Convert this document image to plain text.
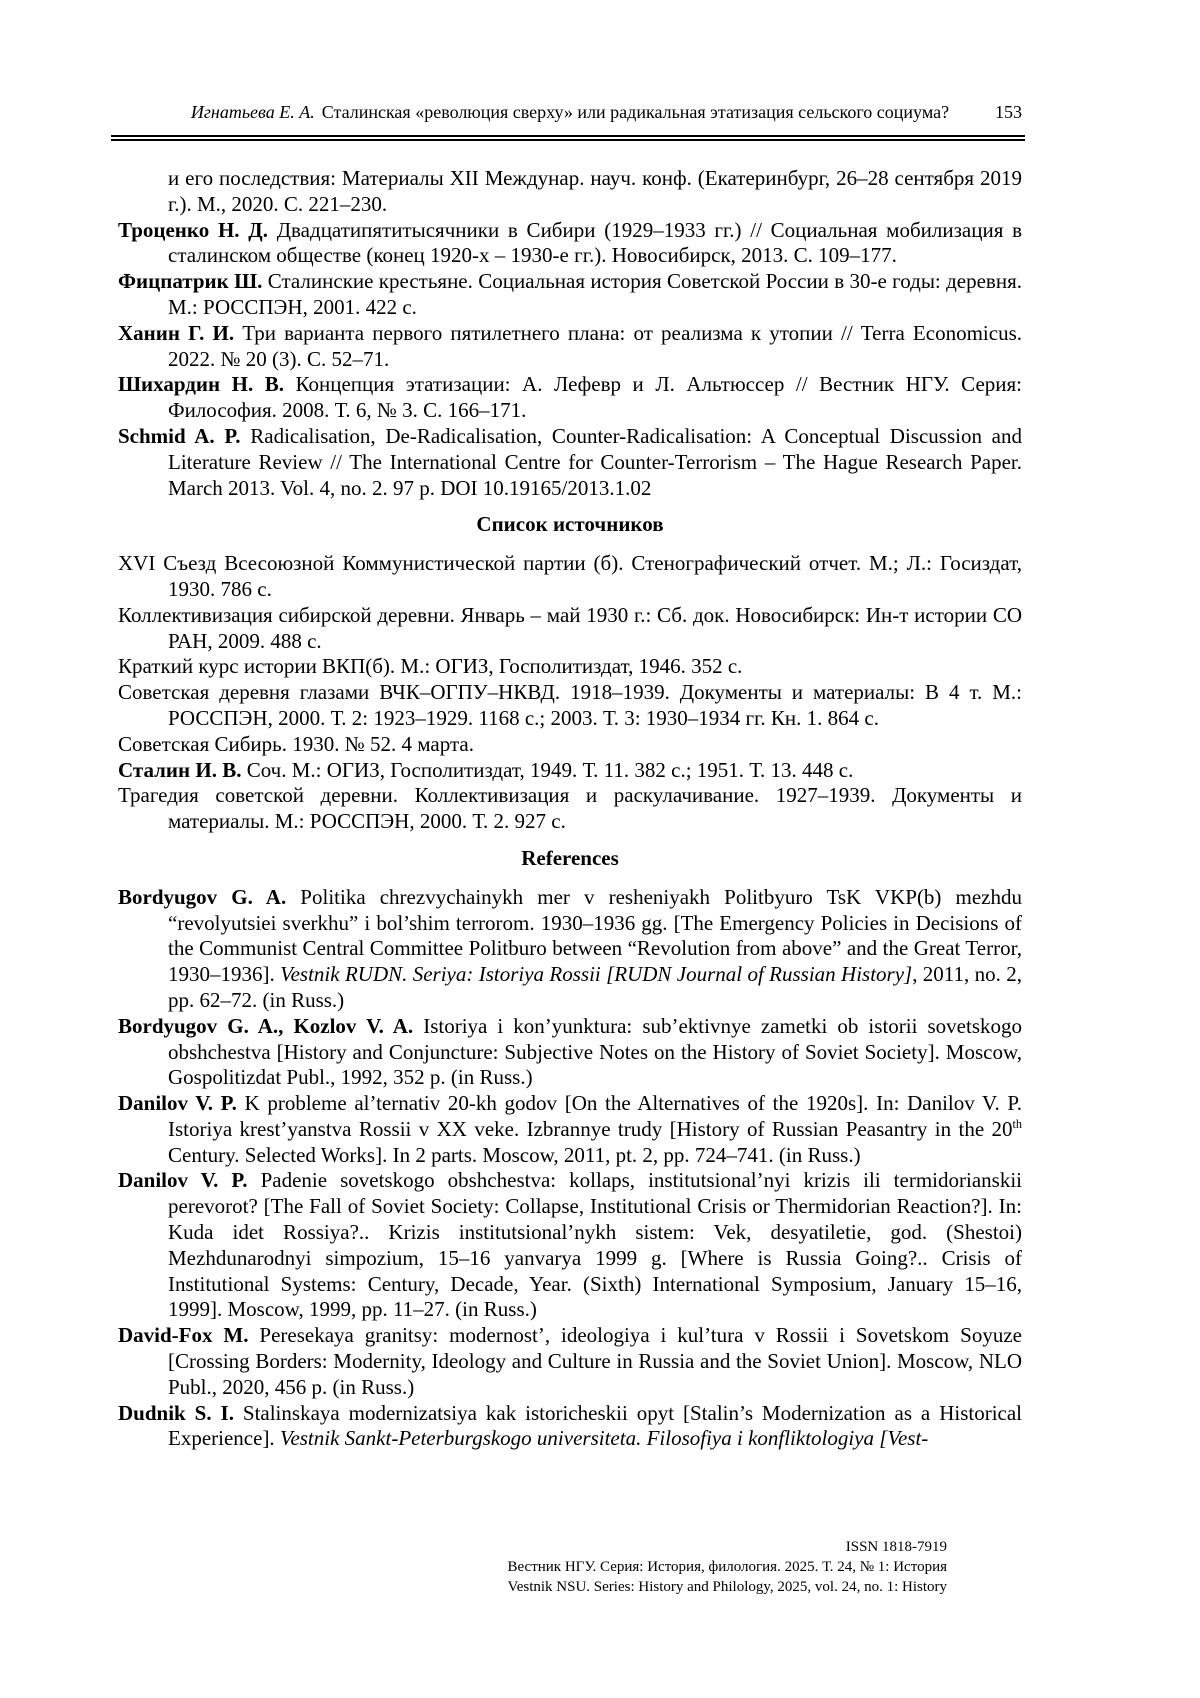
Игнатьева Е. А. Сталинская «революция сверху» или радикальная этатизация сельского социума?	153

и его последствия: Материалы XII Междунар. науч. конф. (Екатеринбург, 26–28 сентября 2019 г.). М., 2020. С. 221–230.

Троценко Н. Д. Двадцатипятитысячники в Сибири (1929–1933 гг.) // Социальная мобилизация в сталинском обществе (конец 1920-х – 1930-е гг.). Новосибирск, 2013. С. 109–177.

Фицпатрик Ш. Сталинские крестьяне. Социальная история Советской России в 30-е годы: деревня. М.: РОССПЭН, 2001. 422 с.

Ханин Г. И. Три варианта первого пятилетнего плана: от реализма к утопии // Terra Economicus. 2022. № 20 (3). С. 52–71.

Шихардин Н. В. Концепция этатизации: А. Лефевр и Л. Альтюссер // Вестник НГУ. Серия: Философия. 2008. Т. 6, № 3. С. 166–171.

Schmid A. P. Radicalisation, De-Radicalisation, Counter-Radicalisation: A Conceptual Discussion and Literature Review // The International Centre for Counter-Terrorism – The Hague Research Paper. March 2013. Vol. 4, no. 2. 97 p. DOI 10.19165/2013.1.02

Список источников

XVI Съезд Всесоюзной Коммунистической партии (б). Стенографический отчет. М.; Л.: Госиздат, 1930. 786 с.

Коллективизация сибирской деревни. Январь – май 1930 г.: Сб. док. Новосибирск: Ин-т истории СО РАН, 2009. 488 с.

Краткий курс истории ВКП(б). М.: ОГИЗ, Госполитиздат, 1946. 352 с.

Советская деревня глазами ВЧК–ОГПУ–НКВД. 1918–1939. Документы и материалы: В 4 т. М.: РОССПЭН, 2000. Т. 2: 1923–1929. 1168 с.; 2003. Т. 3: 1930–1934 гг. Кн. 1. 864 с.

Советская Сибирь. 1930. № 52. 4 марта.

Сталин И. В. Соч. М.: ОГИЗ, Госполитиздат, 1949. Т. 11. 382 с.; 1951. Т. 13. 448 с.

Трагедия советской деревни. Коллективизация и раскулачивание. 1927–1939. Документы и материалы. М.: РОССПЭН, 2000. Т. 2. 927 с.

References

Bordyugov G. A. Politika chrezvychainykh mer v resheniyakh Politbyuro TsK VKP(b) mezhdu “revolyutsiei sverkhu” i bol’shim terrorom. 1930–1936 gg. [The Emergency Policies in Decisions of the Communist Central Committee Politburo between “Revolution from above” and the Great Terror, 1930–1936]. Vestnik RUDN. Seriya: Istoriya Rossii [RUDN Journal of Russian History], 2011, no. 2, pp. 62–72. (in Russ.)

Bordyugov G. A., Kozlov V. A. Istoriya i kon’yunktura: sub’ektivnye zametki ob istorii sovetskogo obshchestva [History and Conjuncture: Subjective Notes on the History of Soviet Society]. Moscow, Gospolitizdat Publ., 1992, 352 p. (in Russ.)

Danilov V. P. K probleme al’ternativ 20-kh godov [On the Alternatives of the 1920s]. In: Danilov V. P. Istoriya krest’yanstva Rossii v XX veke. Izbrannye trudy [History of Russian Peasantry in the 20th Century. Selected Works]. In 2 parts. Moscow, 2011, pt. 2, pp. 724–741. (in Russ.)

Danilov V. P. Padenie sovetskogo obshchestva: kollaps, institutsional’nyi krizis ili termidorianskii perevorot? [The Fall of Soviet Society: Collapse, Institutional Crisis or Thermidorian Reaction?]. In: Kuda idet Rossiya?.. Krizis institutsional’nykh sistem: Vek, desyatiletie, god. (Shestoi) Mezhdunarodnyi simpozium, 15–16 yanvarya 1999 g. [Where is Russia Going?.. Crisis of Institutional Systems: Century, Decade, Year. (Sixth) International Symposium, January 15–16, 1999]. Moscow, 1999, pp. 11–27. (in Russ.)

David-Fox M. Peresekaya granitsy: modernost’, ideologiya i kul’tura v Rossii i Sovetskom Soyuze [Crossing Borders: Modernity, Ideology and Culture in Russia and the Soviet Union]. Moscow, NLO Publ., 2020, 456 p. (in Russ.)

Dudnik S. I. Stalinskaya modernizatsiya kak istoricheskii opyt [Stalin’s Modernization as a Historical Experience]. Vestnik Sankt-Peterburgskogo universiteta. Filosofiya i konfliktologiya [Vest-

ISSN 1818-7919
Вестник НГУ. Серия: История, филология. 2025. Т. 24, № 1: История
Vestnik NSU. Series: History and Philology, 2025, vol. 24, no. 1: History
